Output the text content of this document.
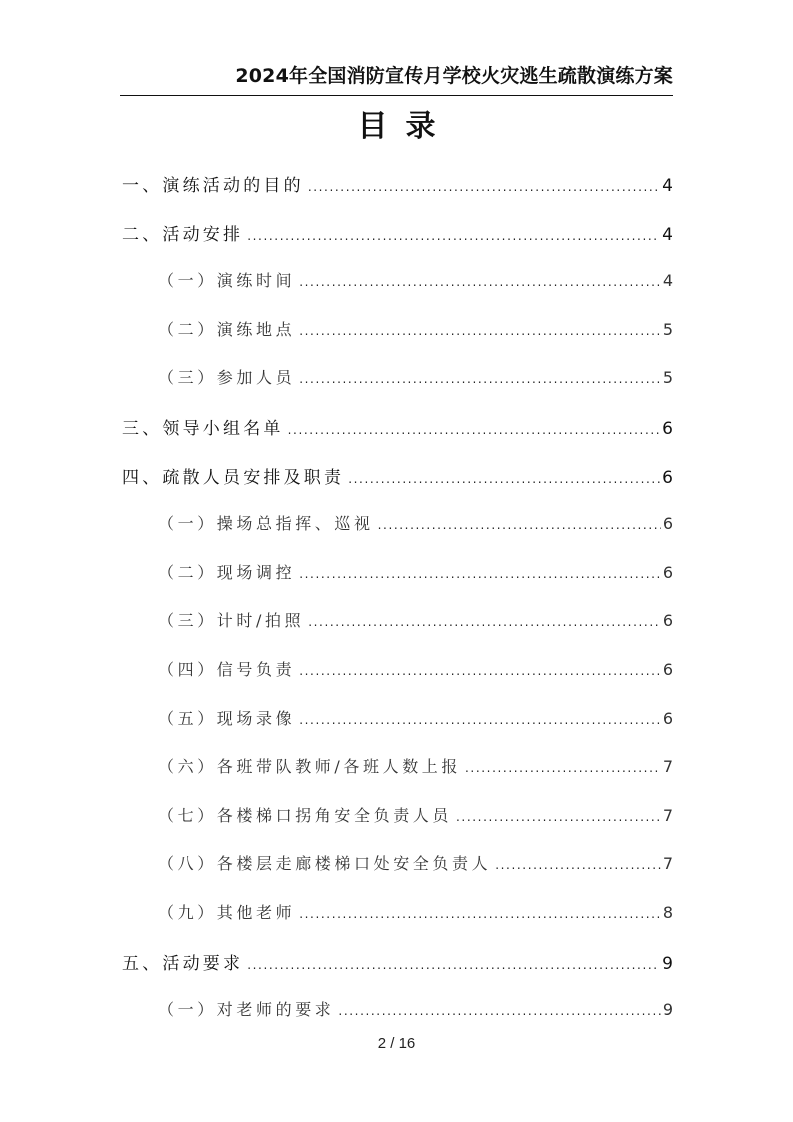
2024年全国消防宣传月学校火灾逃生疏散演练方案
目录
一、演练活动的目的 .....	4
二、活动安排 .....	4
（一）演练时间 .....	4
（二）演练地点 .....	5
（三）参加人员 .....	5
三、领导小组名单 .....	6
四、疏散人员安排及职责 .....	6
（一）操场总指挥、巡视 .....	6
（二）现场调控 .....	6
（三）计时/拍照 .....	6
（四）信号负责 .....	6
（五）现场录像 .....	6
（六）各班带队教师/各班人数上报 .....	7
（七）各楼梯口拐角安全负责人员 .....	7
（八）各楼层走廊楼梯口处安全负责人 .....	7
（九）其他老师 .....	8
五、活动要求 .....	9
（一）对老师的要求 .....	9
2 / 16
